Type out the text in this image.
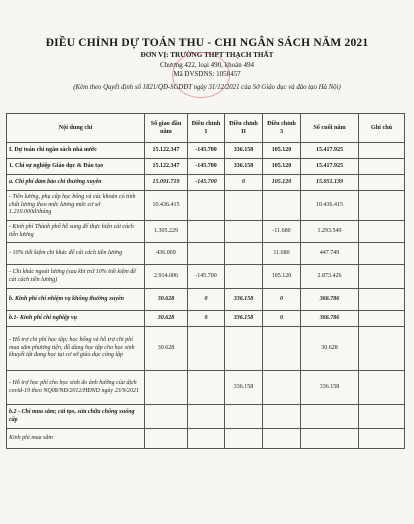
ĐIỀU CHỈNH DỰ TOÁN THU - CHI NGÂN SÁCH NĂM 2021
ĐƠN VỊ: TRƯỜNG THPT THẠCH THẤT
Chương 422, loại 490, khoản 494
Mã ĐVSDNS: 1058457
(Kèm theo Quyết định số 1821/QĐ-SGDĐT ngày 31/12/2021 của Sở Giáo dục và đào tạo Hà Nội)
Nội dung chi	Số giao đầu năm	Điều chỉnh I	Điều chỉnh II	Điều chỉnh 3	Số cuối năm	Ghi chú
I. Dự toán chi ngân sách nhà nước	15.122.347	-145.700	336.158	105.120	15.417.925	
1. Chi sự nghiệp Giáo dục & Đào tạo	15.122.347	-145.700	336.158	105.120	15.417.925	
a. Chi phí đảm bảo chi thường xuyên	15.091.719	-145.700	0	105.120	15.051.139	
- Tiền lương, phụ cấp học bổng và các khoản có tính chất lương theo mức lương mức cơ sở 1.210.000đ/tháng	10.436.415				10.436.415	
- Kinh phí Thành phố hỗ sung để thực hiện cải cách tiền lương	1.305.229			-11.680	1.293.549	
- 10% tiết kiệm chi khác để cải cách tiền lương	436.069			11.680	447.749	
- Chi khác ngoài lương (sau khi trừ 10% tiết kiệm để cải cách tiền lương)	2.914.006	-145.700		105.120	2.873.426	
b. Kinh phí chi nhiệm vụ không thường xuyên	30.628	0	336.158	0	366.786	
b.1- Kinh phí chi nghiệp vụ	30.628	0	336.158	0	366.786	
- Hỗ trợ chi phí học tập; học bổng và hỗ trợ chi phí mua sắm phương tiện, đồ dùng học tập cho học sinh khuyết tật đang học tại cơ sở giáo dục công lập	30.628				30.628	
- Hỗ trợ học phí cho học sinh do ảnh hưởng của dịch covid-19 theo NQ08/NĐ/2012/HĐND ngày 23/9/2021			336.158		336.158	
b.2 - Chi mua sắm; cải tạo, sửa chữa chống xuống cấp						
Kinh phí mua sắm						
